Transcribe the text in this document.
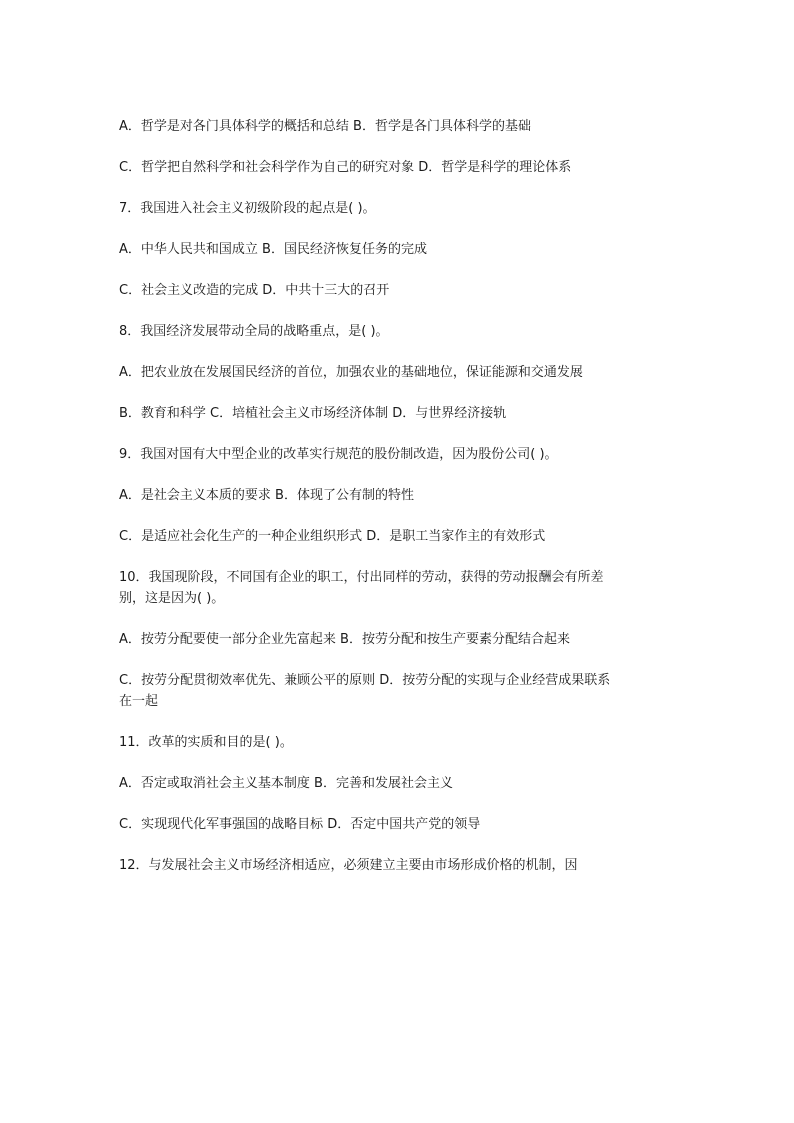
A．哲学是对各门具体科学的概括和总结 B．哲学是各门具体科学的基础

C．哲学把自然科学和社会科学作为自己的研究对象 D．哲学是科学的理论体系

7．我国进入社会主义初级阶段的起点是( )。

A．中华人民共和国成立 B．国民经济恢复任务的完成

C．社会主义改造的完成 D．中共十三大的召开

8．我国经济发展带动全局的战略重点，是( )。

A．把农业放在发展国民经济的首位，加强农业的基础地位，保证能源和交通发展

B．教育和科学 C．培植社会主义市场经济体制 D．与世界经济接轨

9．我国对国有大中型企业的改革实行规范的股份制改造，因为股份公司( )。

A．是社会主义本质的要求 B．体现了公有制的特性

C．是适应社会化生产的一种企业组织形式 D．是职工当家作主的有效形式

10．我国现阶段，不同国有企业的职工，付出同样的劳动，获得的劳动报酬会有所差别，这是因为( )。

A．按劳分配要使一部分企业先富起来 B．按劳分配和按生产要素分配结合起来

C．按劳分配贯彻效率优先、兼顾公平的原则 D．按劳分配的实现与企业经营成果联系在一起

11．改革的实质和目的是( )。

A．否定或取消社会主义基本制度 B．完善和发展社会主义

C．实现现代化军事强国的战略目标 D．否定中国共产党的领导

12．与发展社会主义市场经济相适应，必须建立主要由市场形成价格的机制，因
